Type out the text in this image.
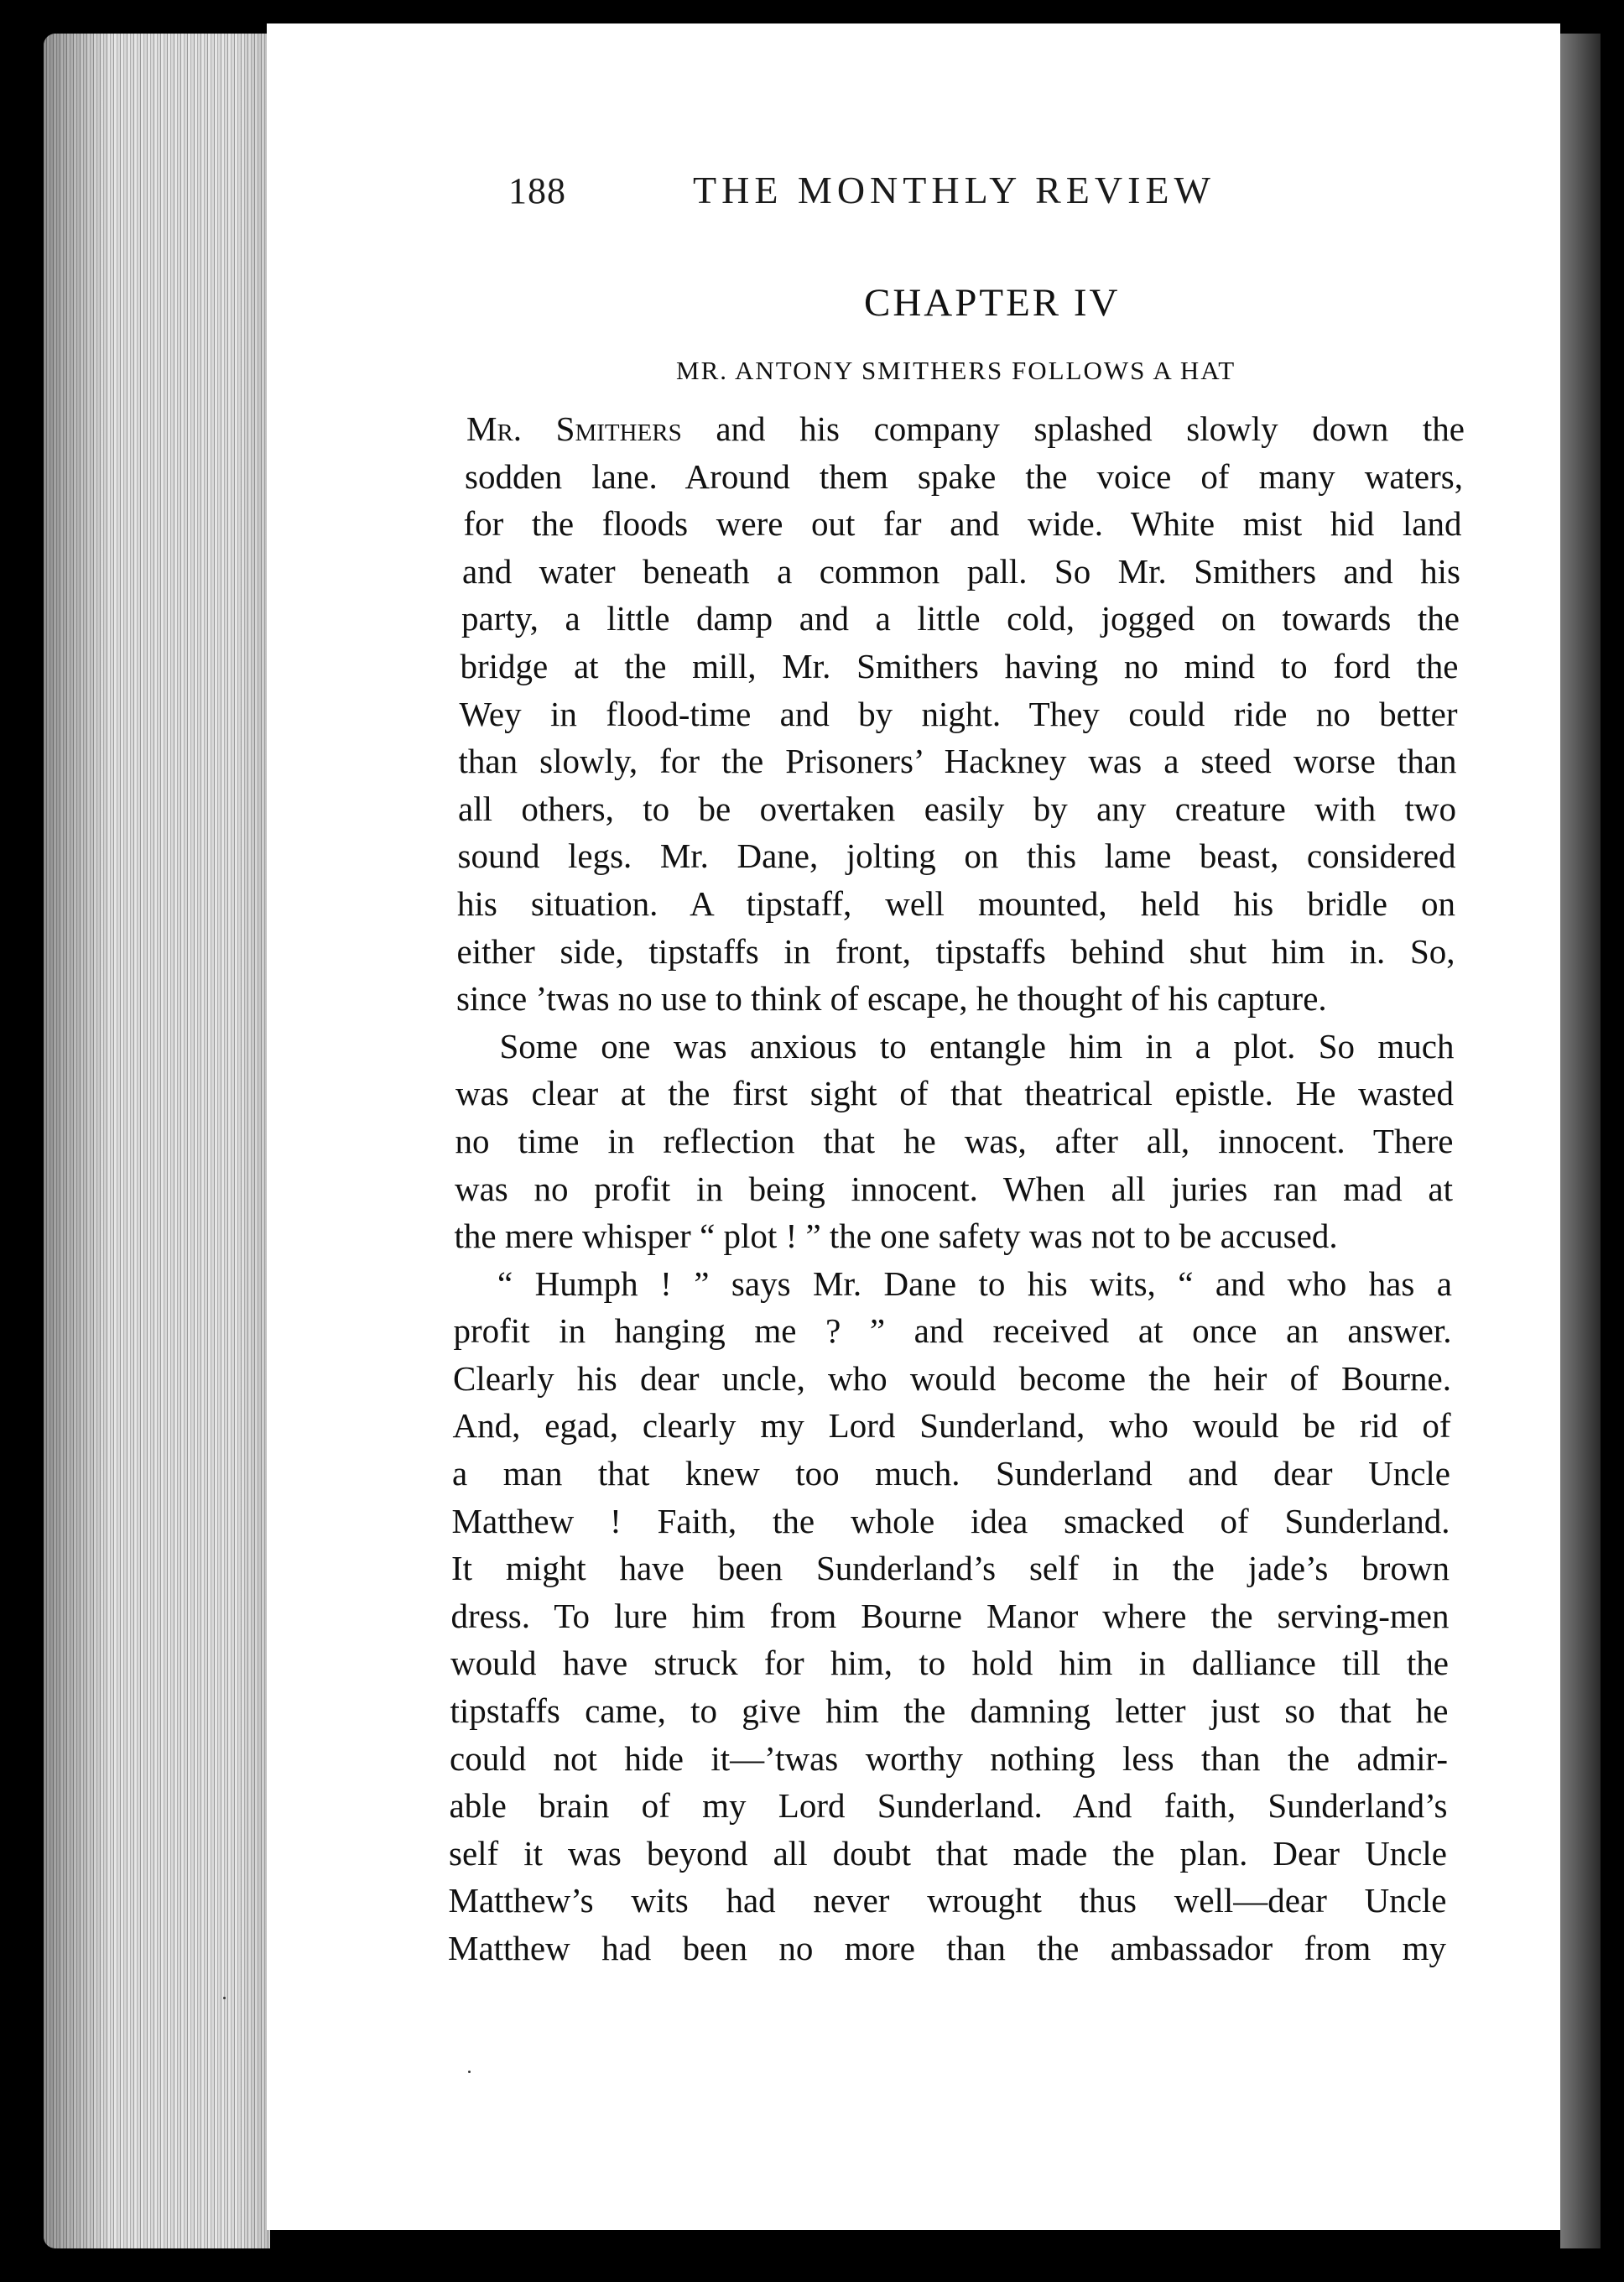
188	THE MONTHLY REVIEW
CHAPTER IV
MR. ANTONY SMITHERS FOLLOWS A HAT
Mr. Smithers and his company splashed slowly down the
sodden lane. Around them spake the voice of many waters,
for the floods were out far and wide. White mist hid land
and water beneath a common pall. So Mr. Smithers and his
party, a little damp and a little cold, jogged on towards the
bridge at the mill, Mr. Smithers having no mind to ford the
Wey in flood-time and by night. They could ride no better
than slowly, for the Prisoners’ Hackney was a steed worse than
all others, to be overtaken easily by any creature with two
sound legs. Mr. Dane, jolting on this lame beast, considered
his situation. A tipstaff, well mounted, held his bridle on
either side, tipstaffs in front, tipstaffs behind shut him in. So,
since ’twas no use to think of escape, he thought of his capture.
Some one was anxious to entangle him in a plot. So much
was clear at the first sight of that theatrical epistle. He wasted
no time in reflection that he was, after all, innocent. There
was no profit in being innocent. When all juries ran mad at
the mere whisper “ plot ! ” the one safety was not to be accused.
“ Humph ! ” says Mr. Dane to his wits, “ and who has a
profit in hanging me ? ” and received at once an answer.
Clearly his dear uncle, who would become the heir of Bourne.
And, egad, clearly my Lord Sunderland, who would be rid of
a man that knew too much. Sunderland and dear Uncle
Matthew ! Faith, the whole idea smacked of Sunderland.
It might have been Sunderland’s self in the jade’s brown
dress. To lure him from Bourne Manor where the serving-men
would have struck for him, to hold him in dalliance till the
tipstaffs came, to give him the damning letter just so that he
could not hide it—’twas worthy nothing less than the admir-
able brain of my Lord Sunderland. And faith, Sunderland’s
self it was beyond all doubt that made the plan. Dear Uncle
Matthew’s wits had never wrought thus well—dear Uncle
Matthew had been no more than the ambassador from my
